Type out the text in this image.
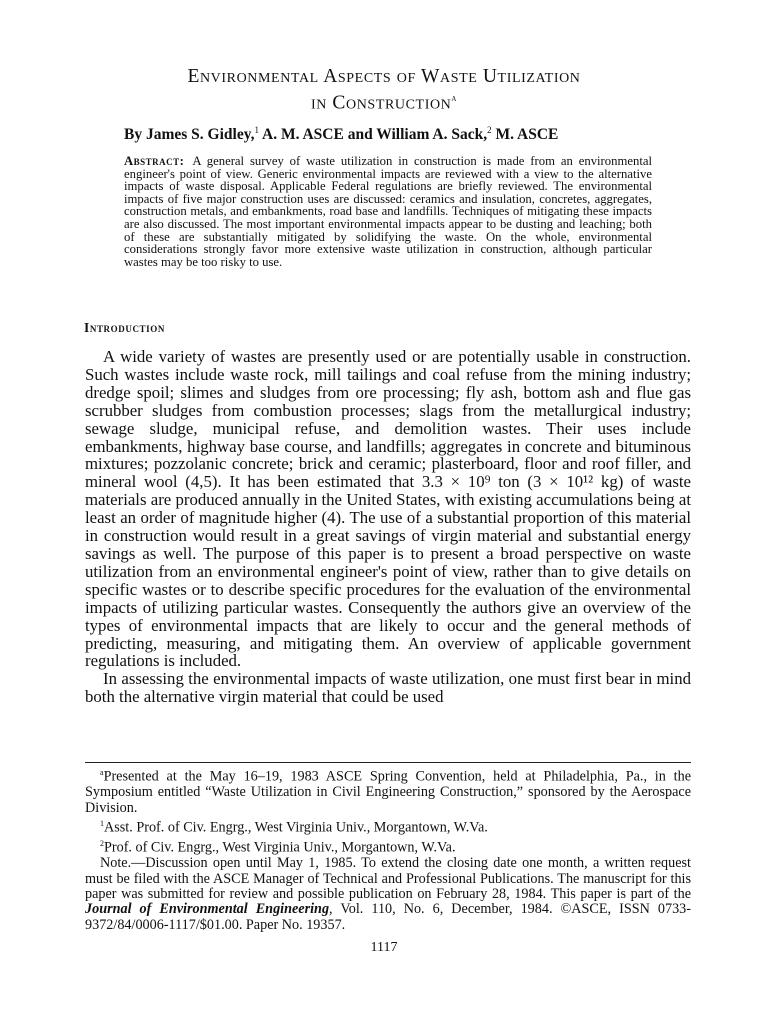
Environmental Aspects of Waste Utilization
in Construction$^a$
By James S. Gidley,$^1$ A. M. ASCE and William A. Sack,$^2$ M. ASCE
Abstract: A general survey of waste utilization in construction is made from an environmental engineer's point of view. Generic environmental impacts are reviewed with a view to the alternative impacts of waste disposal. Applicable Federal regulations are briefly reviewed. The environmental impacts of five major construction uses are discussed: ceramics and insulation, concretes, aggregates, construction metals, and embankments, road base and landfills. Techniques of mitigating these impacts are also discussed. The most important environmental impacts appear to be dusting and leaching; both of these are substantially mitigated by solidifying the waste. On the whole, environmental considerations strongly favor more extensive waste utilization in construction, although particular wastes may be too risky to use.
Introduction

A wide variety of wastes are presently used or are potentially usable in construction. Such wastes include waste rock, mill tailings and coal refuse from the mining industry; dredge spoil; slimes and sludges from ore processing; fly ash, bottom ash and flue gas scrubber sludges from combustion processes; slags from the metallurgical industry; sewage sludge, municipal refuse, and demolition wastes. Their uses include embankments, highway base course, and landfills; aggregates in concrete and bituminous mixtures; pozzolanic concrete; brick and ceramic; plasterboard, floor and roof filler, and mineral wool (4,5). It has been estimated that 3.3 × 10⁹ ton (3 × 10¹² kg) of waste materials are produced annually in the United States, with existing accumulations being at least an order of magnitude higher (4). The use of a substantial proportion of this material in construction would result in a great savings of virgin material and substantial energy savings as well. The purpose of this paper is to present a broad perspective on waste utilization from an environmental engineer's point of view, rather than to give details on specific wastes or to describe specific procedures for the evaluation of the environmental impacts of utilizing particular wastes. Consequently the authors give an overview of the types of environmental impacts that are likely to occur and the general methods of predicting, measuring, and mitigating them. An overview of applicable government regulations is included.

In assessing the environmental impacts of waste utilization, one must first bear in mind both the alternative virgin material that could be used

$^a$Presented at the May 16–19, 1983 ASCE Spring Convention, held at Philadelphia, Pa., in the Symposium entitled “Waste Utilization in Civil Engineering Construction,” sponsored by the Aerospace Division.

$^1$Asst. Prof. of Civ. Engrg., West Virginia Univ., Morgantown, W.Va.

$^2$Prof. of Civ. Engrg., West Virginia Univ., Morgantown, W.Va.

Note.—Discussion open until May 1, 1985. To extend the closing date one month, a written request must be filed with the ASCE Manager of Technical and Professional Publications. The manuscript for this paper was submitted for review and possible publication on February 28, 1984. This paper is part of the Journal of Environmental Engineering, Vol. 110, No. 6, December, 1984. ©ASCE, ISSN 0733-9372/84/0006-1117/$01.00. Paper No. 19357.

1117
